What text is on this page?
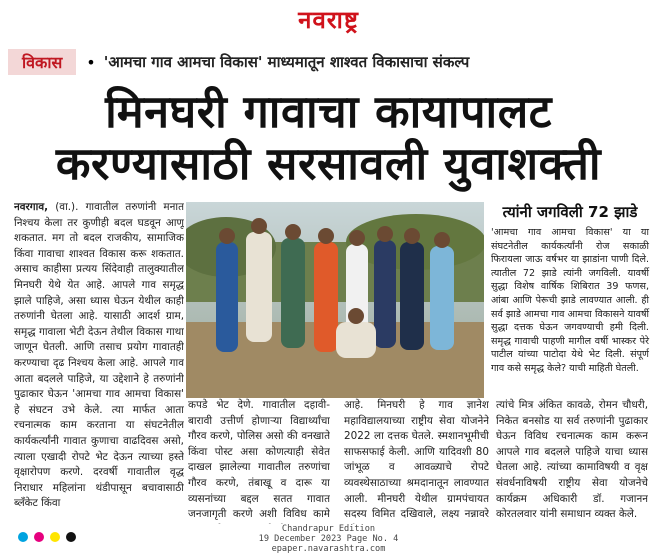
नवराष्ट्र
विकास	• 'आमचा गाव आमचा विकास' माध्यमातून शाश्वत विकासाचा संकल्प
मिनघरी गावाचा कायापालट
करण्यासाठी सरसावली युवाशक्ती

नवरगाव, (वा.). गावातील तरुणांनी मनात निश्चय केला तर कुणीही बदल घडवून आणू शकतात. मग तो बदल राजकीय, सामाजिक किंवा गावाचा शाश्वत विकास करू शकतात. असाच काहीसा प्रत्यय सिंदेवाही तालुक्यातील मिनघरी येथे येत आहे. आपले गाव समृद्ध झाले पाहिजे, असा ध्यास घेऊन येथील काही तरुणांनी घेतला आहे. यासाठी आदर्श ग्राम, समृद्ध गावाला भेटी देऊन तेथील विकास गाथा जाणून घेतली. आणि तसाच प्रयोग गावातही करण्याचा दृढ निश्चय केला आहे. आपले गाव आता बदलले पाहिजे, या उद्देशाने हे तरुणांनी पुढाकार घेऊन 'आमचा गाव आमचा विकास' हे संघटन उभे केले. त्या मार्फत आता रचनात्मक काम करताना या संघटनेतील कार्यकर्त्यांनी गावात कुणाचा वाढदिवस असो, त्याला एखादी रोपटे भेट देऊन त्याच्या हस्ते वृक्षारोपण करणे. दरवर्षी गावातील वृद्ध निराधार महिलांना थंडीपासून बचावासाठी ब्लॅंकेट किंवा

त्यांनी जगविली 72 झाडे
'आमचा गाव आमचा विकास' या या संघटनेतील कार्यकर्त्यांनी रोज सकाळी फिरायला जाऊ वर्षभर या झाडांना पाणी दिले. त्यातील 72 झाडे त्यांनी जगविली. यावर्षी सुद्धा विशेष वार्षिक शिबिरात 39 फणस, आंबा आणि पेरूची झाडे लावण्यात आली. ही सर्व झाडे आमचा गाव आमचा विकासने यावर्षी सुद्धा दत्तक घेऊन जगवण्याची हमी दिली. समृद्ध गावाची पाहणी मागील वर्षी भास्कर पेरे पाटील यांच्या पाटोदा येथे भेट दिली. संपूर्ण गाव कसे समृद्ध केले? याची माहिती घेतली.

कपडे भेट देणे. गावातील दहावी-बारावी उत्तीर्ण होणाऱ्या विद्यार्थ्यांचा गौरव करणे, पोलिस असो की वनखाते किंवा पोस्ट असा कोणत्याही सेवेत दाखल झालेल्या गावातील तरुणांचा गौरव करणे, तंबाखू व दारू या व्यसनांच्या बद्दल सतत गावात जनजागृती करणे अशी विविध कामे

आहे. मिनघरी हे गाव ज्ञानेश महाविद्यालयाच्या राष्ट्रीय सेवा योजनेने 2022 ला दत्तक घेतले. स्मशानभूमीची साफसफाई केली. आणि यादिवशी 80 जांभूळ व आवळ्याचे रोपटे व्यवस्थेसाठाच्या श्रमदानातून लावण्यात आली. मीनघरी येथील ग्रामपंचायत सदस्य विमित दखिवाले, लक्ष्य नन्नावरे

त्यांचे मित्र अंकित कावळे, रोमन चौधरी, निकेत बनसोड या सर्व तरुणांनी पुढाकार घेऊन विविध रचनात्मक काम करून आपले गाव बदलले पाहिजे याचा ध्यास घेतला आहे. त्यांच्या कामाविषयी व वृक्ष संवर्धनाविषयी राष्ट्रीय सेवा योजनेचे कार्यक्रम अधिकारी डॉ. गजानन कोरतलवार यांनी समाधान व्यक्त केले.

Chandrapur Edition
19 December 2023 Page No. 4
epaper.navarashtra.com
